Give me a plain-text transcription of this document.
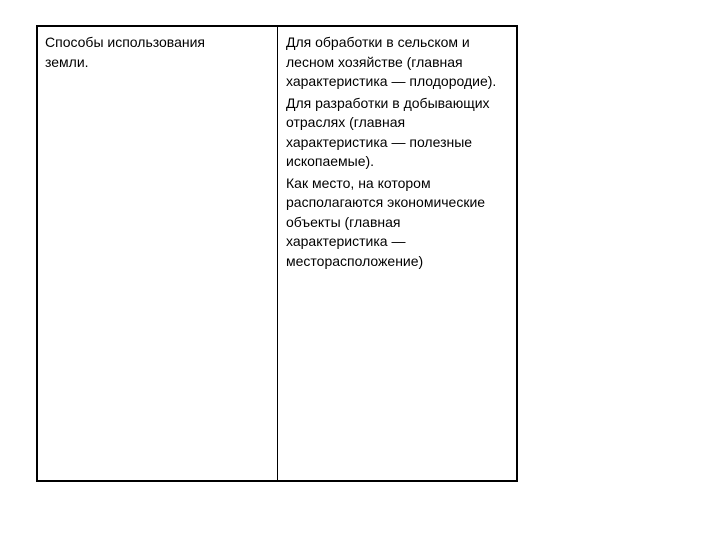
Способы использования земли.

Для обработки в сельском и лесном хозяйстве (главная характеристика — плодородие).

Для разработки в добывающих отраслях (главная характеристика — полезные ископаемые).

Как место, на котором располагаются экономические объекты (главная характеристика — месторасположение)
